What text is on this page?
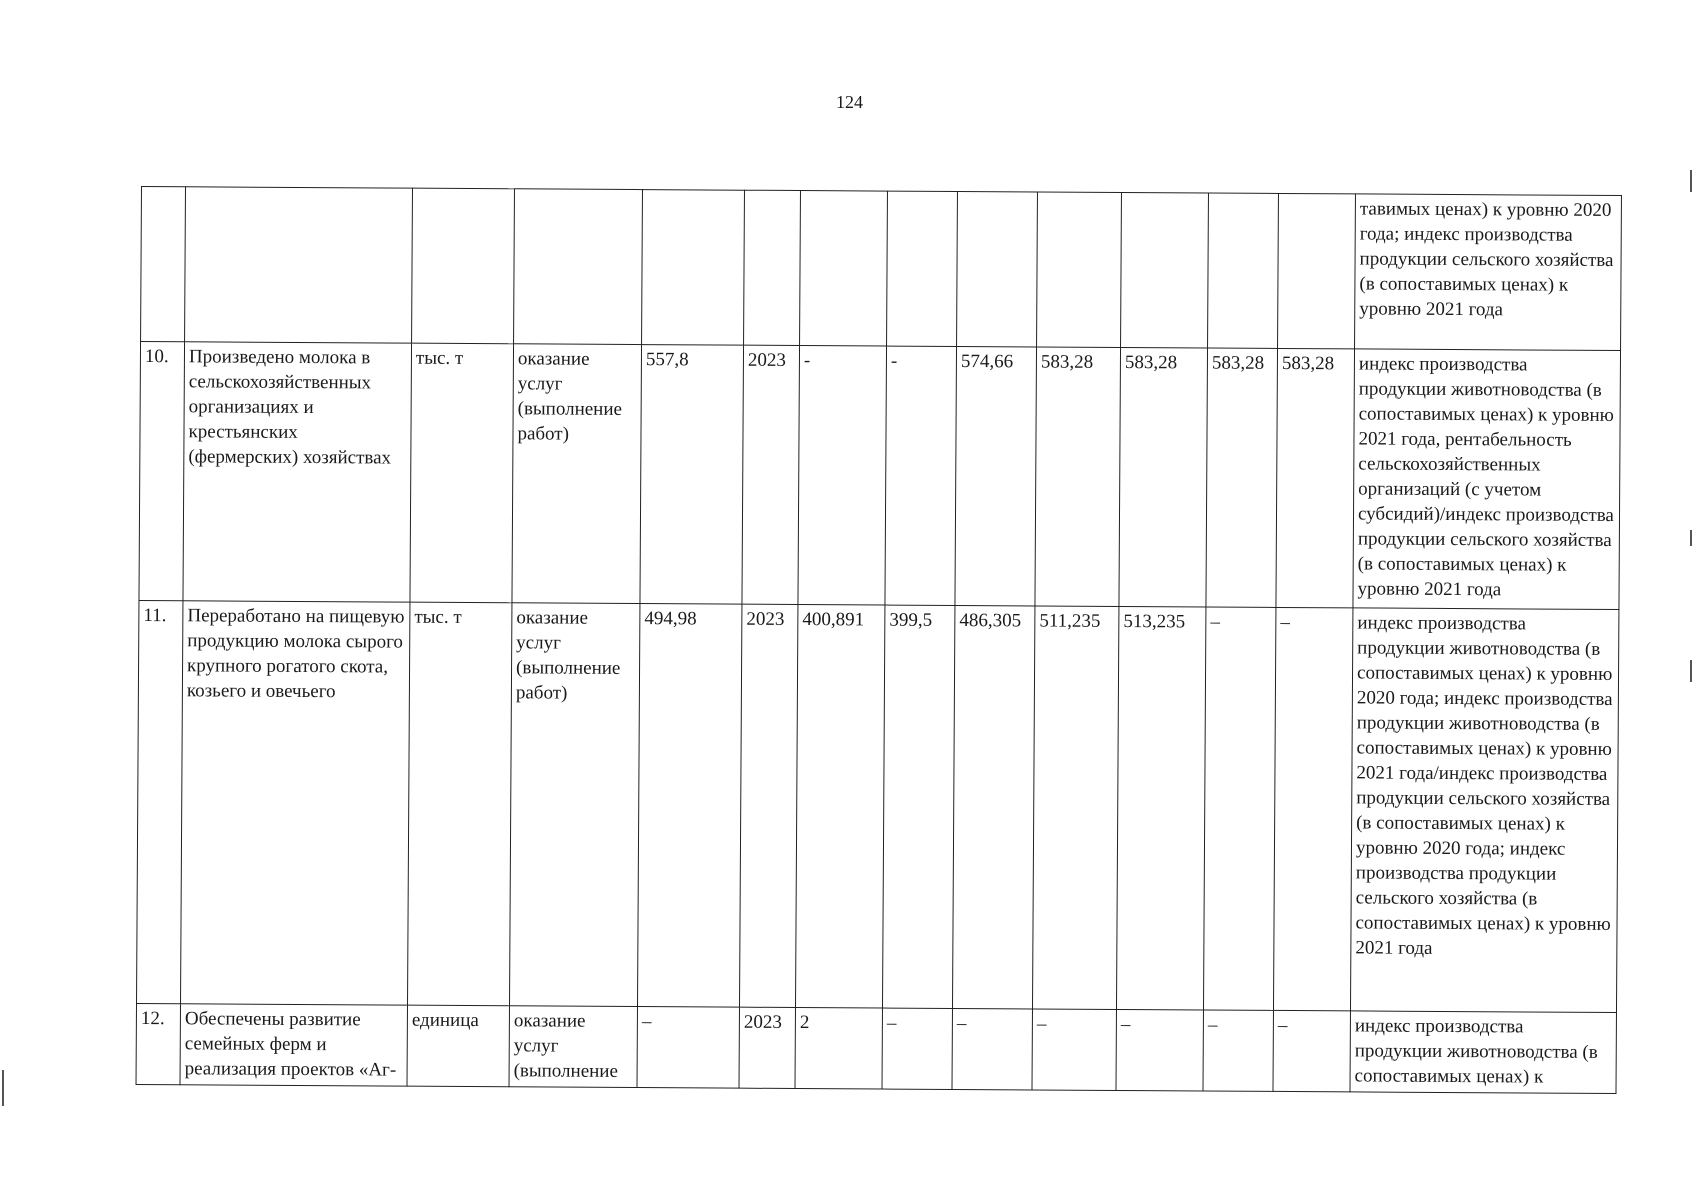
124
													тавимых ценах) к уровню 2020 года; индекс производства продукции сельского хозяйства (в сопоставимых ценах) к уровню 2021 года
10.	Произведено молока в сельскохозяйственных организациях и крестьянских (фермерских) хозяйствах	тыс. т	оказание услуг (выполнение работ)	557,8	2023	-	-	574,66	583,28	583,28	583,28	583,28	индекс производства продукции животноводства (в сопоставимых ценах) к уровню 2021 года, рентабельность сельскохозяйственных организаций (с учетом субсидий)/индекс производства продукции сельского хозяйства (в сопоставимых ценах) к уровню 2021 года
11.	Переработано на пищевую продукцию молока сырого крупного рогатого скота, козьего и овечьего	тыс. т	оказание услуг (выполнение работ)	494,98	2023	400,891	399,5	486,305	511,235	513,235	–	–	индекс производства продукции животноводства (в сопоставимых ценах) к уровню 2020 года; индекс производства продукции животноводства (в сопоставимых ценах) к уровню 2021 года/индекс производства продукции сельского хозяйства (в сопоставимых ценах) к уровню 2020 года; индекс производства продукции сельского хозяйства (в сопоставимых ценах) к уровню 2021 года
12.	Обеспечены развитие семейных ферм и реализация проектов «Аг-	единица	оказание услуг (выполнение	–	2023	2	–	–	–	–	–	–	индекс производства продукции животноводства (в сопоставимых ценах) к
